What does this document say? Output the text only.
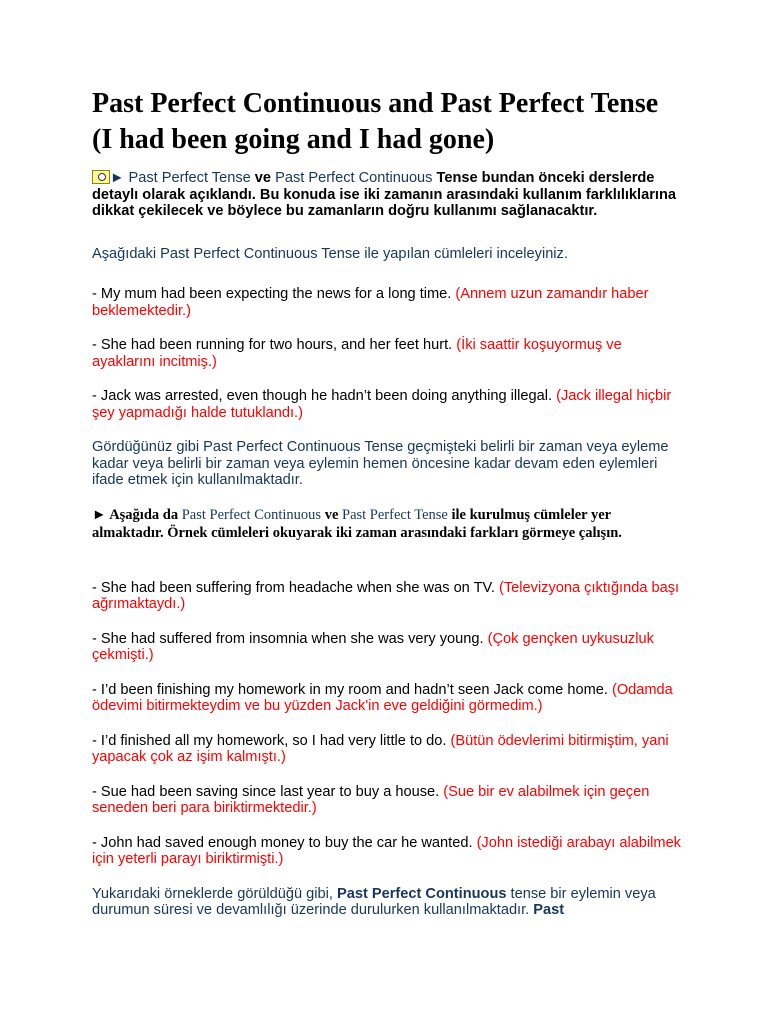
Past Perfect Continuous and Past Perfect Tense (I had been going and I had gone)

► Past Perfect Tense ve Past Perfect Continuous Tense bundan önceki derslerde detaylı olarak açıklandı. Bu konuda ise iki zamanın arasındaki kullanım farklılıklarına dikkat çekilecek ve böylece bu zamanların doğru kullanımı sağlanacaktır.

Aşağıdaki Past Perfect Continuous Tense ile yapılan cümleleri inceleyiniz.

- My mum had been expecting the news for a long time. (Annem uzun zamandır haber beklemektedir.)

- She had been running for two hours, and her feet hurt. (İki saattir koşuyormuş ve ayaklarını incitmiş.)

- Jack was arrested, even though he hadn’t been doing anything illegal. (Jack illegal hiçbir şey yapmadığı halde tutuklandı.)

Gördüğünüz gibi Past Perfect Continuous Tense geçmişteki belirli bir zaman veya eyleme kadar veya belirli bir zaman veya eylemin hemen öncesine kadar devam eden eylemleri ifade etmek için kullanılmaktadır.

► Aşağıda da Past Perfect Continuous ve Past Perfect Tense ile kurulmuş cümleler yer almaktadır. Örnek cümleleri okuyarak iki zaman arasındaki farkları görmeye çalışın.

- She had been suffering from headache when she was on TV. (Televizyona çıktığında başı ağrımaktaydı.)

- She had suffered from insomnia when she was very young. (Çok gençken uykusuzluk çekmişti.)

- I’d been finishing my homework in my room and hadn’t seen Jack come home. (Odamda ödevimi bitirmekteydim ve bu yüzden Jack'in eve geldiğini görmedim.)

- I’d finished all my homework, so I had very little to do. (Bütün ödevlerimi bitirmiştim, yani yapacak çok az işim kalmıştı.)

- Sue had been saving since last year to buy a house. (Sue bir ev alabilmek için geçen seneden beri para biriktirmektedir.)

- John had saved enough money to buy the car he wanted. (John istediği arabayı alabilmek için yeterli parayı biriktirmişti.)

Yukarıdaki örneklerde görüldüğü gibi, Past Perfect Continuous tense bir eylemin veya durumun süresi ve devamlılığı üzerinde durulurken kullanılmaktadır. Past
